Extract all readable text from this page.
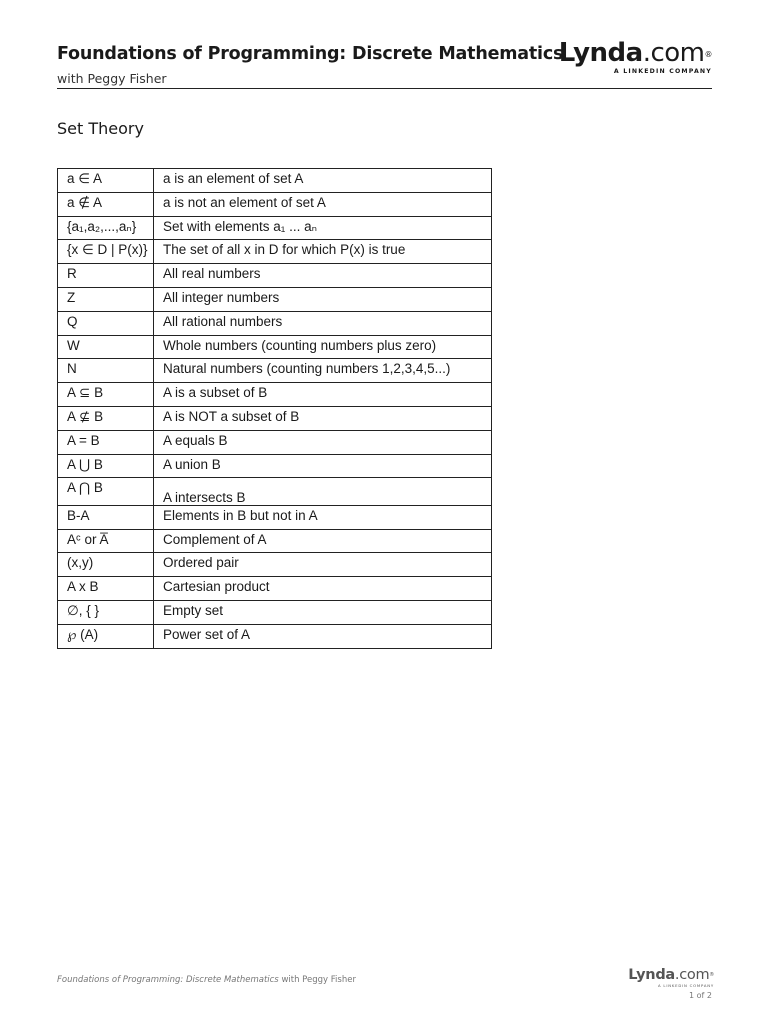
Foundations of Programming: Discrete Mathematics
with Peggy Fisher
Lynda.com®
A LINKEDIN COMPANY
Set Theory
a ∈ A	a is an element of set A
a ∉ A	a is not an element of set A
{a₁,a₂,...,aₙ}	Set with elements a₁ ... aₙ
{x ∈ D | P(x)}	The set of all x in D for which P(x) is true
R	All real numbers
Z	All integer numbers
Q	All rational numbers
W	Whole numbers (counting numbers plus zero)
N	Natural numbers (counting numbers 1,2,3,4,5...)
A ⊆ B	A is a subset of B
A ⊈ B	A is NOT a subset of B
A = B	A equals B
A ⋃ B	A union B
A ⋂ B	A intersects B
B-A	Elements in B but not in A
Aᶜ or A̅	Complement of A
(x,y)	Ordered pair
A x B	Cartesian product
∅, { }	Empty set
℘ (A)	Power set of A
Foundations of Programming: Discrete Mathematics with Peggy Fisher	Lynda.com®
A LINKEDIN COMPANY
1 of 2
